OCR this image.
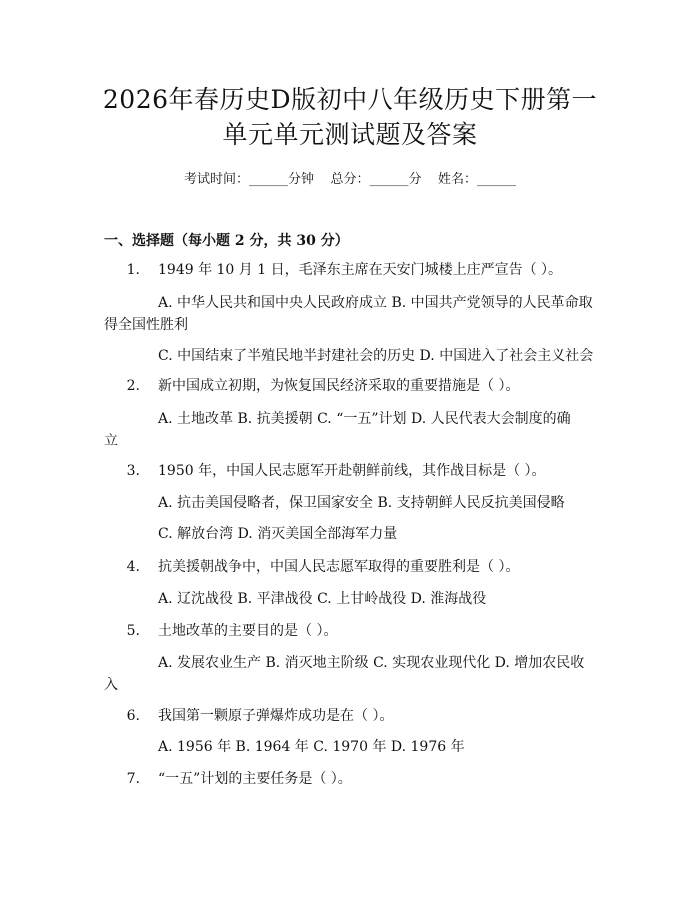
2026年春历史D版初中八年级历史下册第一
单元单元测试题及答案
考试时间：______分钟    总分：______分    姓名：______
一、选择题（每小题 2 分，共 30 分）
1. 1949 年 10 月 1 日，毛泽东主席在天安门城楼上庄严宣告（ ）。
A. 中华人民共和国中央人民政府成立 B. 中国共产党领导的人民革命取
得全国性胜利
C. 中国结束了半殖民地半封建社会的历史 D. 中国进入了社会主义社会
2. 新中国成立初期，为恢复国民经济采取的重要措施是（ ）。
A. 土地改革 B. 抗美援朝 C. “一五”计划 D. 人民代表大会制度的确
立
3. 1950 年，中国人民志愿军开赴朝鲜前线，其作战目标是（ ）。
A. 抗击美国侵略者，保卫国家安全 B. 支持朝鲜人民反抗美国侵略
C. 解放台湾 D. 消灭美国全部海军力量
4. 抗美援朝战争中，中国人民志愿军取得的重要胜利是（ ）。
A. 辽沈战役 B. 平津战役 C. 上甘岭战役 D. 淮海战役
5. 土地改革的主要目的是（ ）。
A. 发展农业生产 B. 消灭地主阶级 C. 实现农业现代化 D. 增加农民收
入
6. 我国第一颗原子弹爆炸成功是在（ ）。
A. 1956 年 B. 1964 年 C. 1970 年 D. 1976 年
7. “一五”计划的主要任务是（ ）。
